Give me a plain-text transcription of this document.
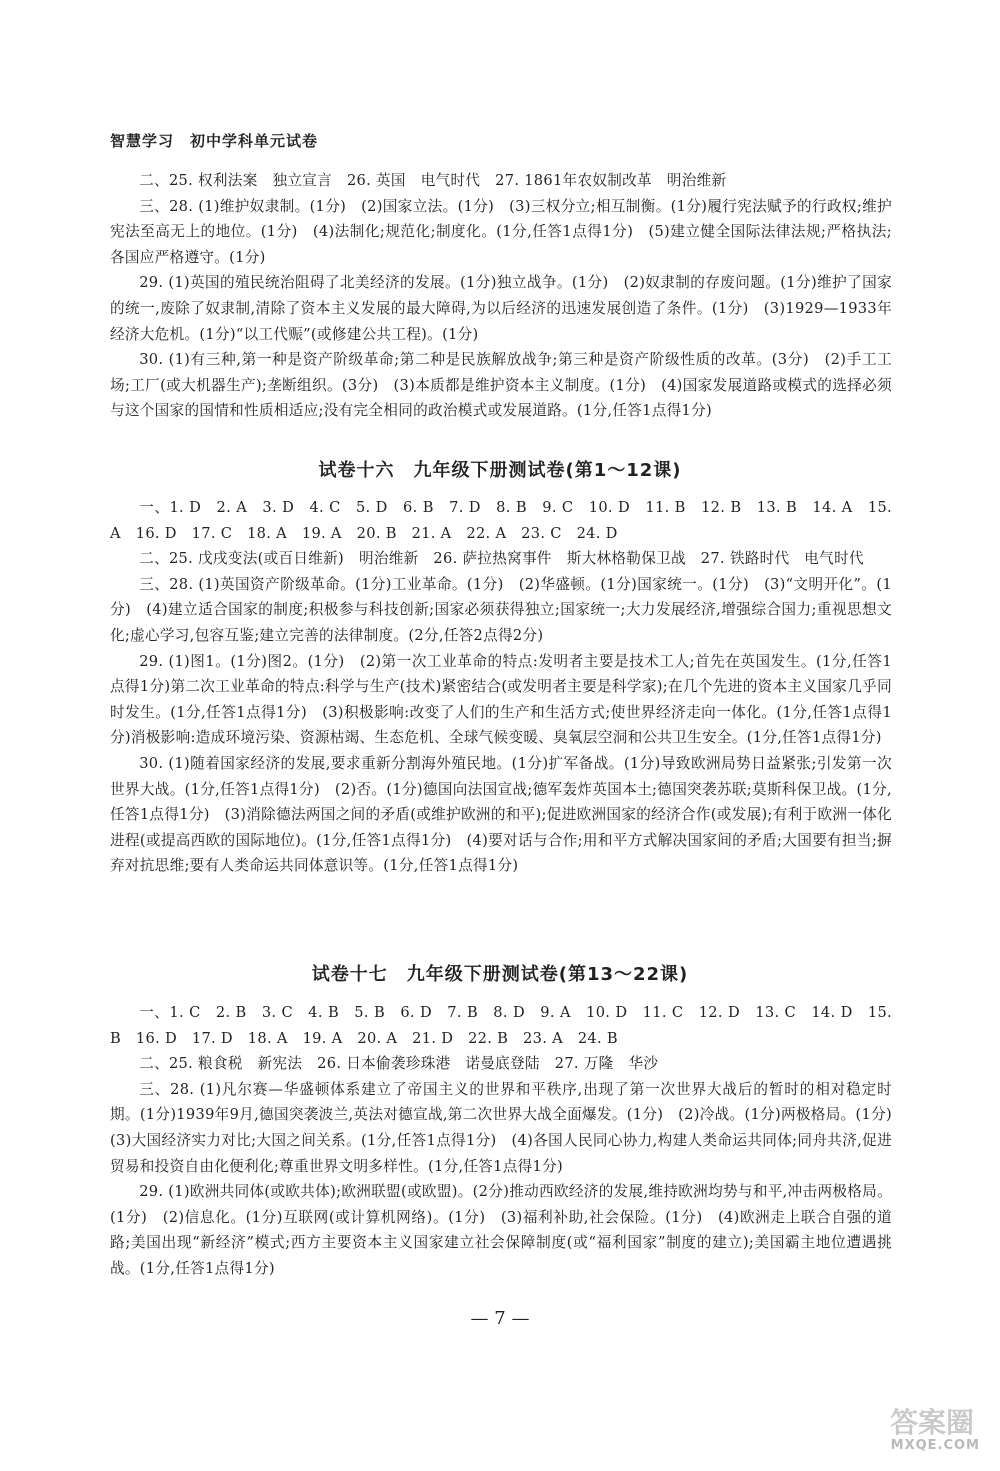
智慧学习　初中学科单元试卷

二、25. 权利法案　独立宣言　26. 英国　电气时代　27. 1861年农奴制改革　明治维新

三、28. (1)维护奴隶制。(1分)　(2)国家立法。(1分)　(3)三权分立;相互制衡。(1分)履行宪法赋予的行政权;维护宪法至高无上的地位。(1分)　(4)法制化;规范化;制度化。(1分,任答1点得1分)　(5)建立健全国际法律法规;严格执法;各国应严格遵守。(1分)

29. (1)英国的殖民统治阻碍了北美经济的发展。(1分)独立战争。(1分)　(2)奴隶制的存废问题。(1分)维护了国家的统一,废除了奴隶制,清除了资本主义发展的最大障碍,为以后经济的迅速发展创造了条件。(1分)　(3)1929—1933年经济大危机。(1分)“以工代赈”(或修建公共工程)。(1分)

30. (1)有三种,第一种是资产阶级革命;第二种是民族解放战争;第三种是资产阶级性质的改革。(3分)　(2)手工工场;工厂(或大机器生产);垄断组织。(3分)　(3)本质都是维护资本主义制度。(1分)　(4)国家发展道路或模式的选择必须与这个国家的国情和性质相适应;没有完全相同的政治模式或发展道路。(1分,任答1点得1分)

试卷十六　九年级下册测试卷(第1～12课)

一、1. D　2. A　3. D　4. C　5. D　6. B　7. D　8. B　9. C　10. D　11. B　12. B　13. B　14. A　15. A　16. D　17. C　18. A　19. A　20. B　21. A　22. A　23. C　24. D

二、25. 戊戌变法(或百日维新)　明治维新　26. 萨拉热窝事件　斯大林格勒保卫战　27. 铁路时代　电气时代

三、28. (1)英国资产阶级革命。(1分)工业革命。(1分)　(2)华盛顿。(1分)国家统一。(1分)　(3)“文明开化”。(1分)　(4)建立适合国家的制度;积极参与科技创新;国家必须获得独立;国家统一;大力发展经济,增强综合国力;重视思想文化;虚心学习,包容互鉴;建立完善的法律制度。(2分,任答2点得2分)

29. (1)图1。(1分)图2。(1分)　(2)第一次工业革命的特点:发明者主要是技术工人;首先在英国发生。(1分,任答1点得1分)第二次工业革命的特点:科学与生产(技术)紧密结合(或发明者主要是科学家);在几个先进的资本主义国家几乎同时发生。(1分,任答1点得1分)　(3)积极影响:改变了人们的生产和生活方式;使世界经济走向一体化。(1分,任答1点得1分)消极影响:造成环境污染、资源枯竭、生态危机、全球气候变暖、臭氧层空洞和公共卫生安全。(1分,任答1点得1分)

30. (1)随着国家经济的发展,要求重新分割海外殖民地。(1分)扩军备战。(1分)导致欧洲局势日益紧张;引发第一次世界大战。(1分,任答1点得1分)　(2)否。(1分)德国向法国宣战;德军轰炸英国本土;德国突袭苏联;莫斯科保卫战。(1分,任答1点得1分)　(3)消除德法两国之间的矛盾(或维护欧洲的和平);促进欧洲国家的经济合作(或发展);有利于欧洲一体化进程(或提高西欧的国际地位)。(1分,任答1点得1分)　(4)要对话与合作;用和平方式解决国家间的矛盾;大国要有担当;摒弃对抗思维;要有人类命运共同体意识等。(1分,任答1点得1分)

试卷十七　九年级下册测试卷(第13～22课)

一、1. C　2. B　3. C　4. B　5. B　6. D　7. B　8. D　9. A　10. D　11. C　12. D　13. C　14. D　15. B　16. D　17. D　18. A　19. A　20. A　21. D　22. B　23. A　24. B

二、25. 粮食税　新宪法　26. 日本偷袭珍珠港　诺曼底登陆　27. 万隆　华沙

三、28. (1)凡尔赛—华盛顿体系建立了帝国主义的世界和平秩序,出现了第一次世界大战后的暂时的相对稳定时期。(1分)1939年9月,德国突袭波兰,英法对德宣战,第二次世界大战全面爆发。(1分)　(2)冷战。(1分)两极格局。(1分)　(3)大国经济实力对比;大国之间关系。(1分,任答1点得1分)　(4)各国人民同心协力,构建人类命运共同体;同舟共济,促进贸易和投资自由化便利化;尊重世界文明多样性。(1分,任答1点得1分)

29. (1)欧洲共同体(或欧共体);欧洲联盟(或欧盟)。(2分)推动西欧经济的发展,维持欧洲均势与和平,冲击两极格局。(1分)　(2)信息化。(1分)互联网(或计算机网络)。(1分)　(3)福利补助,社会保险。(1分)　(4)欧洲走上联合自强的道路;美国出现“新经济”模式;西方主要资本主义国家建立社会保障制度(或“福利国家”制度的建立);美国霸主地位遭遇挑战。(1分,任答1点得1分)

— 7 —
答案圈
MXQE.COM
